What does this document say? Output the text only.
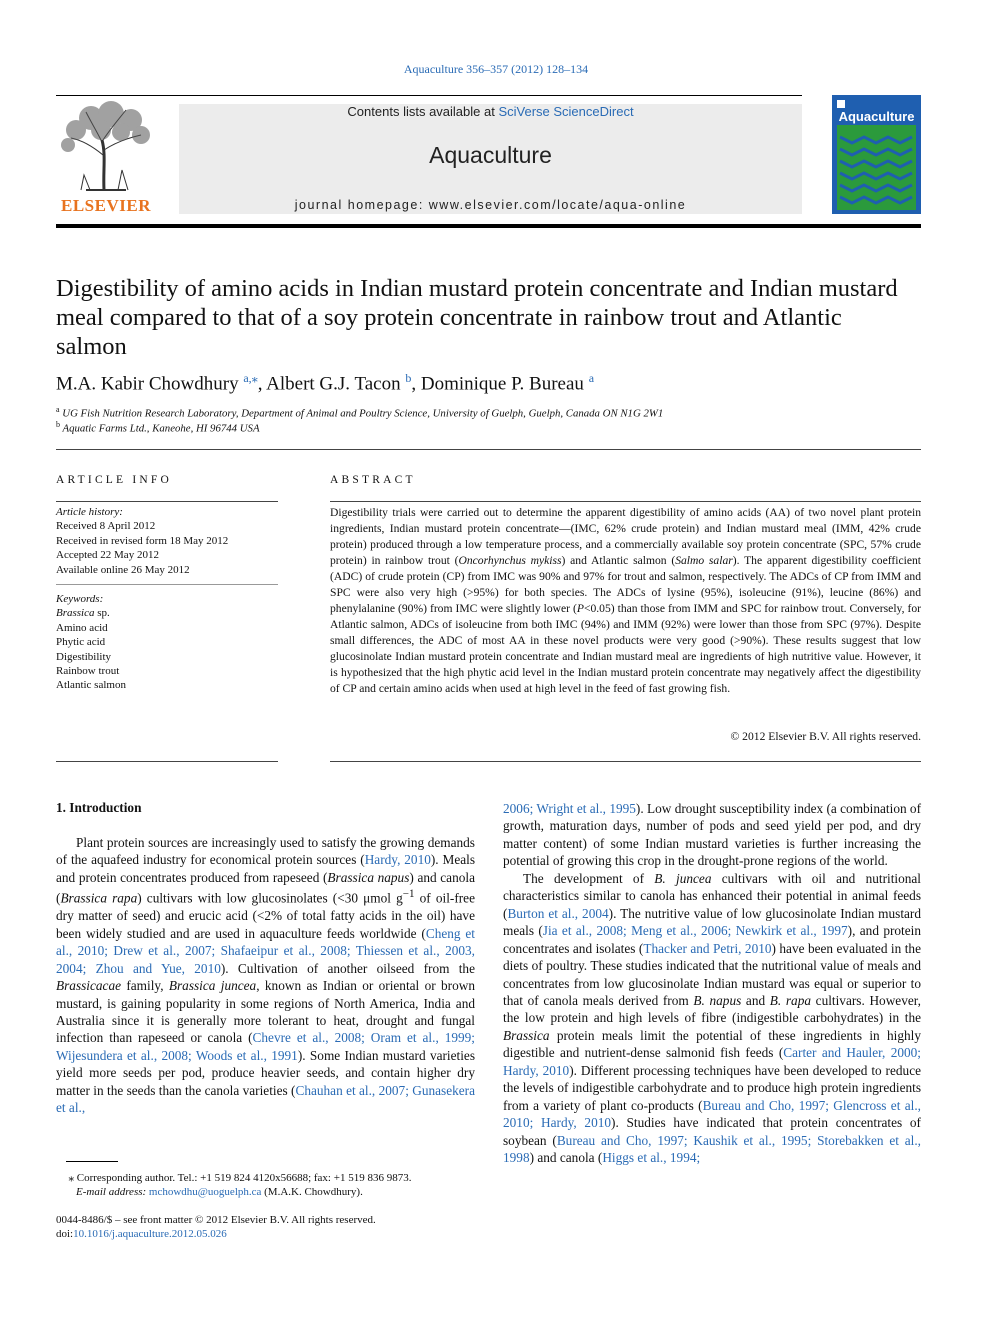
Aquaculture 356–357 (2012) 128–134
ELSEVIER
Contents lists available at SciVerse ScienceDirect
Aquaculture
journal homepage: www.elsevier.com/locate/aqua-online
Aquaculture
Digestibility of amino acids in Indian mustard protein concentrate and Indian mustard meal compared to that of a soy protein concentrate in rainbow trout and Atlantic salmon
M.A. Kabir Chowdhury $^{a,⁎}$, Albert G.J. Tacon $^b$, Dominique P. Bureau $^a$
$^a$ UG Fish Nutrition Research Laboratory, Department of Animal and Poultry Science, University of Guelph, Guelph, Canada ON N1G 2W1
$^b$ Aquatic Farms Ltd., Kaneohe, HI 96744 USA
ARTICLE INFO	ABSTRACT
Article history:
Received 8 April 2012
Received in revised form 18 May 2012
Accepted 22 May 2012
Available online 26 May 2012
Keywords:
Brassica sp.
Amino acid
Phytic acid
Digestibility
Rainbow trout
Atlantic salmon
Digestibility trials were carried out to determine the apparent digestibility of amino acids (AA) of two novel plant protein ingredients, Indian mustard protein concentrate—(IMC, 62% crude protein) and Indian mustard meal (IMM, 42% crude protein) produced through a low temperature process, and a commercially available soy protein concentrate (SPC, 57% crude protein) in rainbow trout (Oncorhynchus mykiss) and Atlantic salmon (Salmo salar). The apparent digestibility coefficient (ADC) of crude protein (CP) from IMC was 90% and 97% for trout and salmon, respectively. The ADCs of CP from IMM and SPC were also very high (>95%) for both species. The ADCs of lysine (95%), isoleucine (91%), leucine (86%) and phenylalanine (90%) from IMC were slightly lower (P<0.05) than those from IMM and SPC for rainbow trout. Conversely, for Atlantic salmon, ADCs of isoleucine from both IMC (94%) and IMM (92%) were lower than those from SPC (97%). Despite small differences, the ADC of most AA in these novel products were very good (>90%). These results suggest that low glucosinolate Indian mustard protein concentrate and Indian mustard meal are ingredients of high nutritive value. However, it is hypothesized that the high phytic acid level in the Indian mustard protein concentrate may negatively affect the digestibility of CP and certain amino acids when used at high level in the feed of fast growing fish.
© 2012 Elsevier B.V. All rights reserved.
1. Introduction

Plant protein sources are increasingly used to satisfy the growing demands of the aquafeed industry for economical protein sources (Hardy, 2010). Meals and protein concentrates produced from rapeseed (Brassica napus) and canola (Brassica rapa) cultivars with low glucosinolates (<30 μmol $g^{-1}$ of oil-free dry matter of seed) and erucic acid (<2% of total fatty acids in the oil) have been widely studied and are used in aquaculture feeds worldwide (Cheng et al., 2010; Drew et al., 2007; Shafaeipur et al., 2008; Thiessen et al., 2003, 2004; Zhou and Yue, 2010). Cultivation of another oilseed from the Brassicacae family, Brassica juncea, known as Indian or oriental or brown mustard, is gaining popularity in some regions of North America, India and Australia since it is generally more tolerant to heat, drought and fungal infection than rapeseed or canola (Chevre et al., 2008; Oram et al., 1999; Wijesundera et al., 2008; Woods et al., 1991). Some Indian mustard varieties yield more seeds per pod, produce heavier seeds, and contain higher dry matter in the seeds than the canola varieties (Chauhan et al., 2007; Gunasekera et al.,

2006; Wright et al., 1995). Low drought susceptibility index (a combination of growth, maturation days, number of pods and seed yield per pod, and dry matter content) of some Indian mustard varieties is further increasing the potential of growing this crop in the drought-prone regions of the world.

The development of B. juncea cultivars with oil and nutritional characteristics similar to canola has enhanced their potential in animal feeds (Burton et al., 2004). The nutritive value of low glucosinolate Indian mustard meals (Jia et al., 2008; Meng et al., 2006; Newkirk et al., 1997), and protein concentrates and isolates (Thacker and Petri, 2010) have been evaluated in the diets of poultry. These studies indicated that the nutritional value of meals and concentrates from low glucosinolate Indian mustard was equal or superior to that of canola meals derived from B. napus and B. rapa cultivars. However, the low protein and high levels of fibre (indigestible carbohydrates) in the Brassica protein meals limit the potential of these ingredients in highly digestible and nutrient-dense salmonid fish feeds (Carter and Hauler, 2000; Hardy, 2010). Different processing techniques have been developed to reduce the levels of indigestible carbohydrate and to produce high protein ingredients from a variety of plant co-products (Bureau and Cho, 1997; Glencross et al., 2010; Hardy, 2010). Studies have indicated that protein concentrates of soybean (Bureau and Cho, 1997; Kaushik et al., 1995; Storebakken et al., 1998) and canola (Higgs et al., 1994;

⁎ Corresponding author. Tel.: +1 519 824 4120x56688; fax: +1 519 836 9873.
E-mail address: mchowdhu@uoguelph.ca (M.A.K. Chowdhury).
0044-8486/$ – see front matter © 2012 Elsevier B.V. All rights reserved.
doi:10.1016/j.aquaculture.2012.05.026
